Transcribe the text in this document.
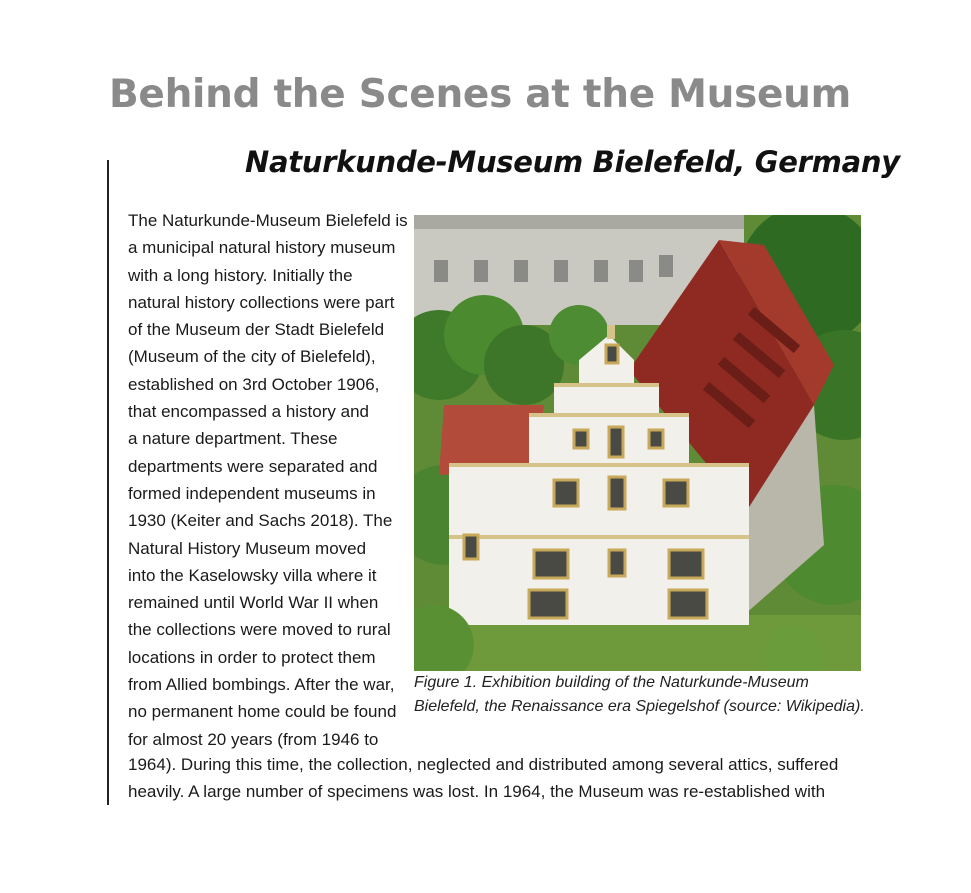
Behind the Scenes at the Museum
Naturkunde-Museum Bielefeld, Germany
The Naturkunde-Museum Bielefeld is
a municipal natural history museum
with a long history. Initially the
natural history collections were part
of the Museum der Stadt Bielefeld
(Museum of the city of Bielefeld),
established on 3rd October 1906,
that encompassed a history and
a nature department. These
departments were separated and
formed independent museums in
1930 (Keiter and Sachs 2018). The
Natural History Museum moved
into the Kaselowsky villa where it
remained until World War II when
the collections were moved to rural
locations in order to protect them
from Allied bombings. After the war,
no permanent home could be found
for almost 20 years (from 1946 to
1964). During this time, the collection, neglected and distributed among several attics, suffered
heavily. A large number of specimens was lost. In 1964, the Museum was re-established with
Figure 1. Exhibition building of the Naturkunde-Museum
Bielefeld, the Renaissance era Spiegelshof (source: Wikipedia).
